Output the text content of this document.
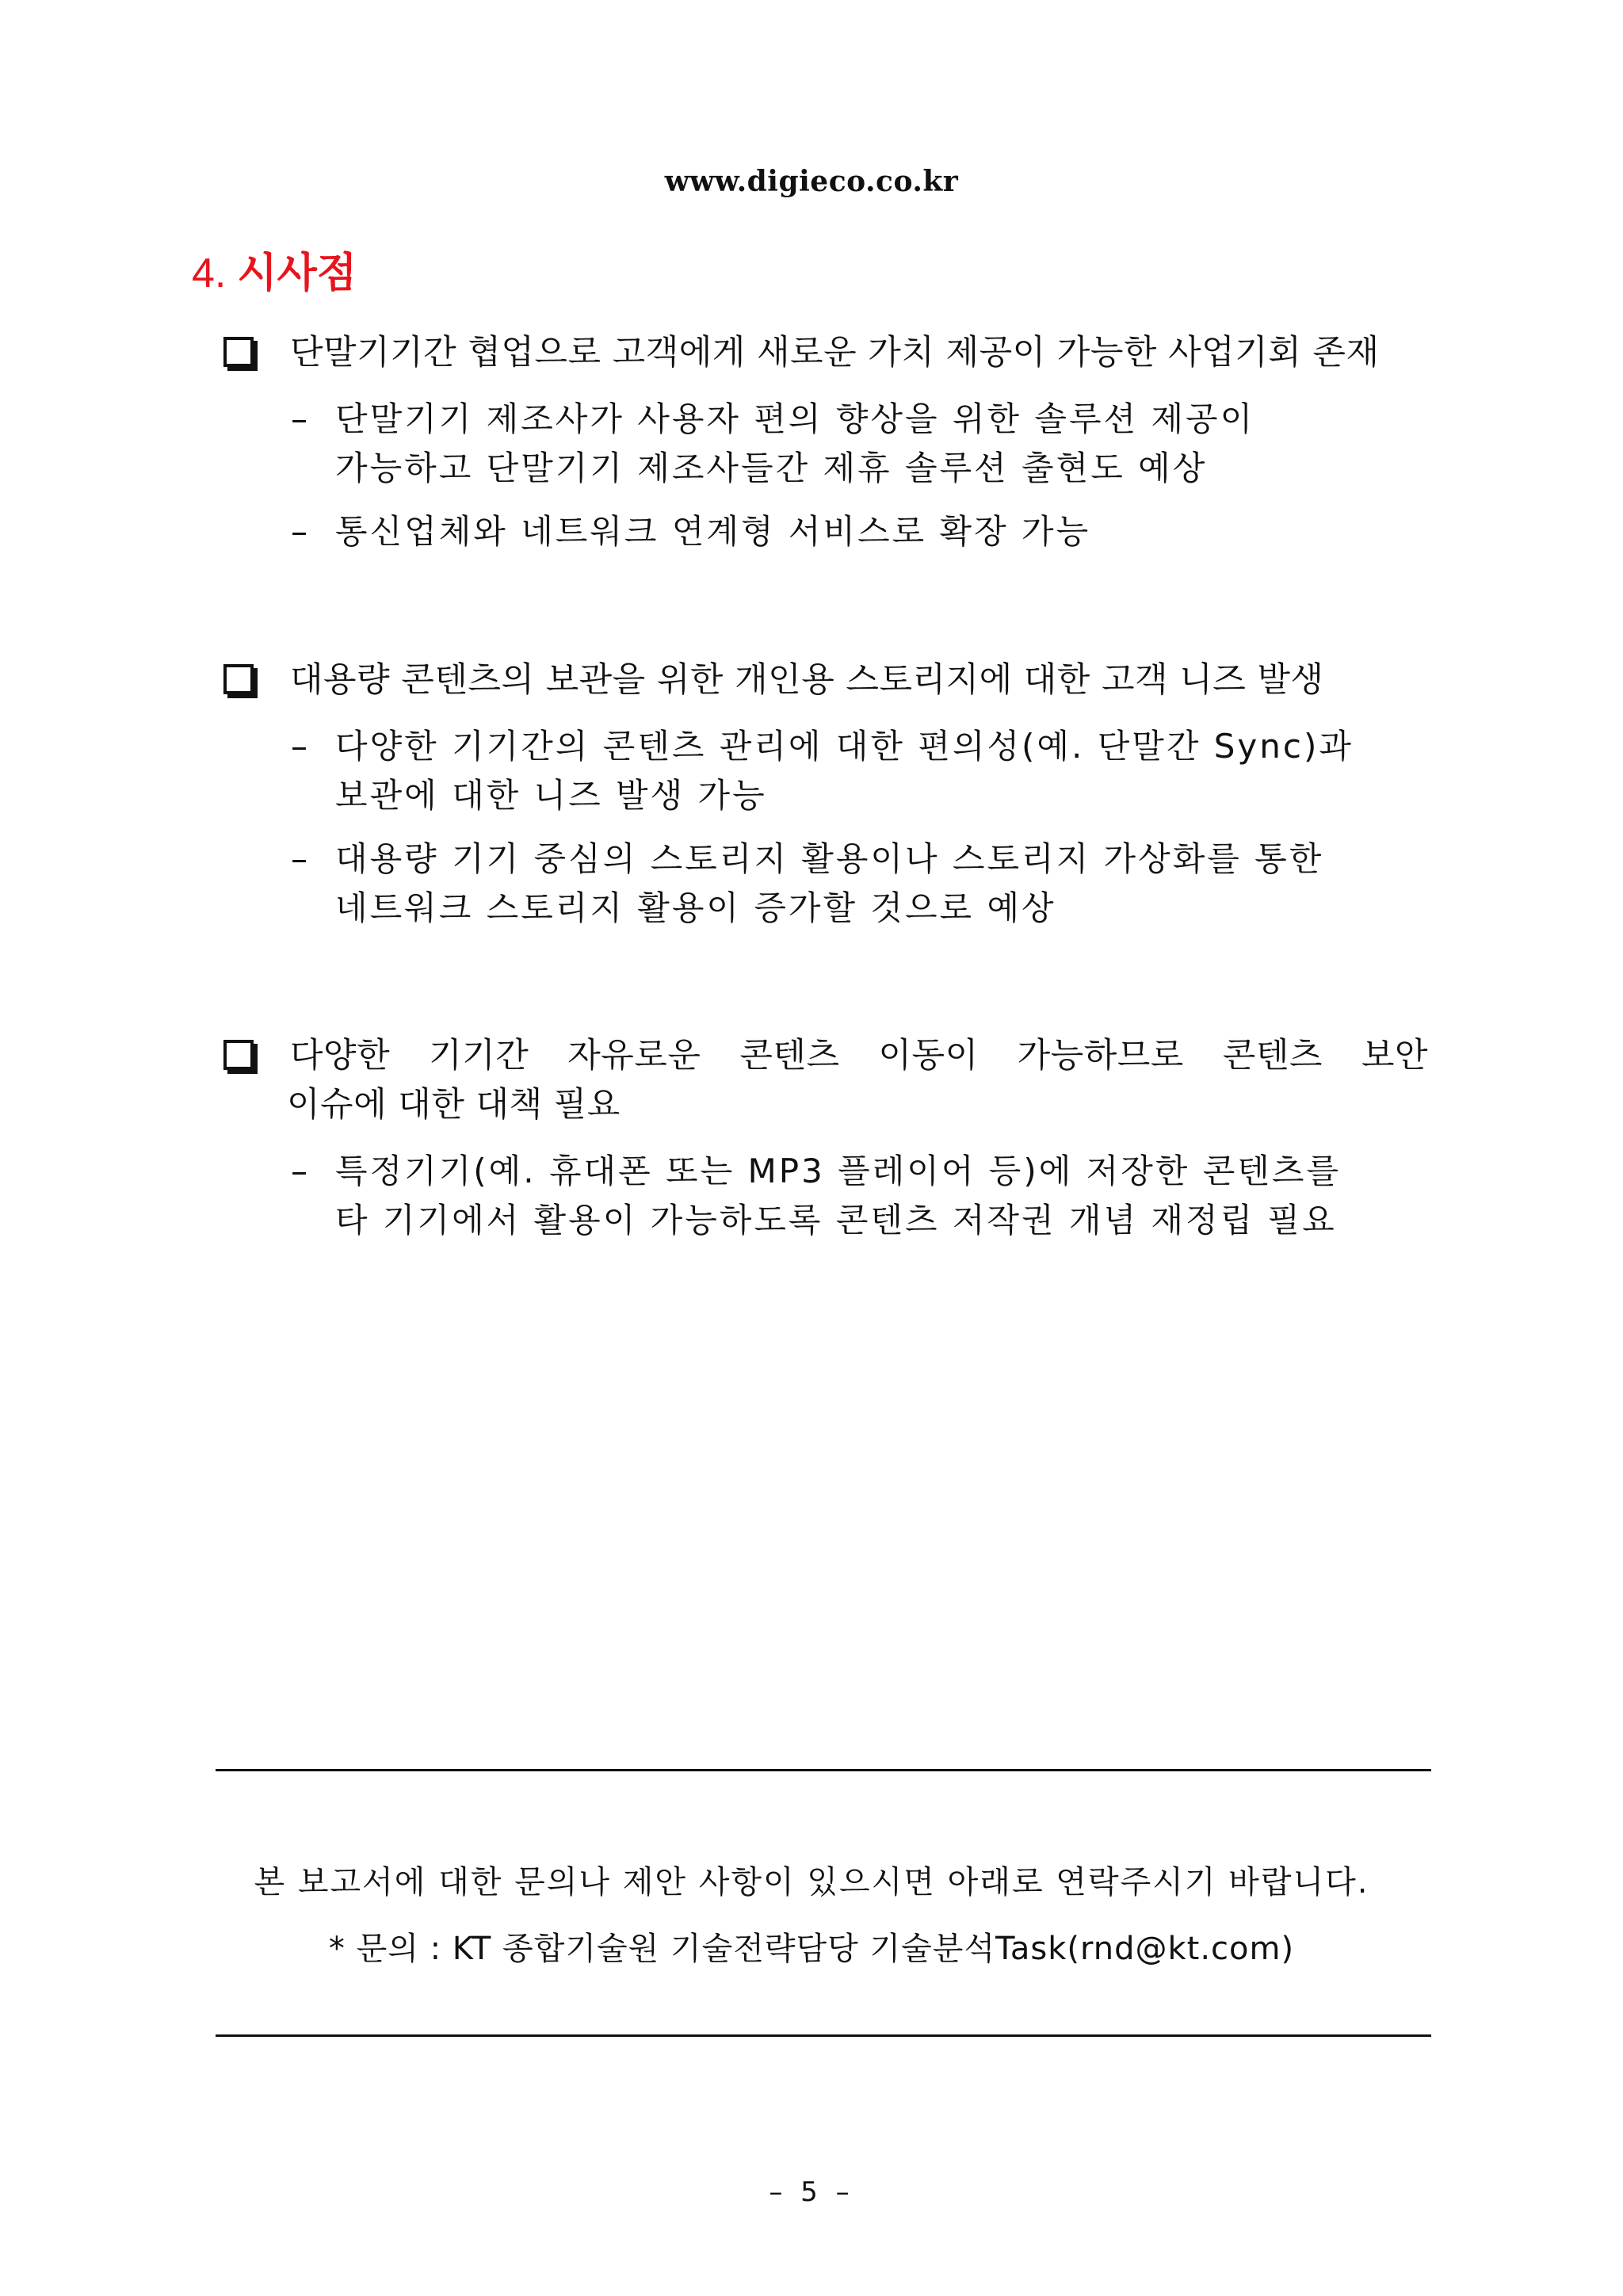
www.digieco.co.kr
4. 시사점
단말기기간 협업으로 고객에게 새로운 가치 제공이 가능한 사업기회 존재
– 단말기기 제조사가 사용자 편의 향상을 위한 솔루션 제공이
가능하고 단말기기 제조사들간 제휴 솔루션 출현도 예상
– 통신업체와 네트워크 연계형 서비스로 확장 가능
대용량 콘텐츠의 보관을 위한 개인용 스토리지에 대한 고객 니즈 발생
– 다양한 기기간의 콘텐츠 관리에 대한 편의성(예. 단말간 Sync)과
보관에 대한 니즈 발생 가능
– 대용량 기기 중심의 스토리지 활용이나 스토리지 가상화를 통한
네트워크 스토리지 활용이 증가할 것으로 예상
다양한 기기간 자유로운 콘텐츠 이동이 가능하므로 콘텐츠 보안
이슈에 대한 대책 필요
– 특정기기(예. 휴대폰 또는 MP3 플레이어 등)에 저장한 콘텐츠를
타 기기에서 활용이 가능하도록 콘텐츠 저작권 개념 재정립 필요
본 보고서에 대한 문의나 제안 사항이 있으시면 아래로 연락주시기 바랍니다.
* 문의 : KT 종합기술원 기술전략담당 기술분석Task(rnd@kt.com)
– 5 –
